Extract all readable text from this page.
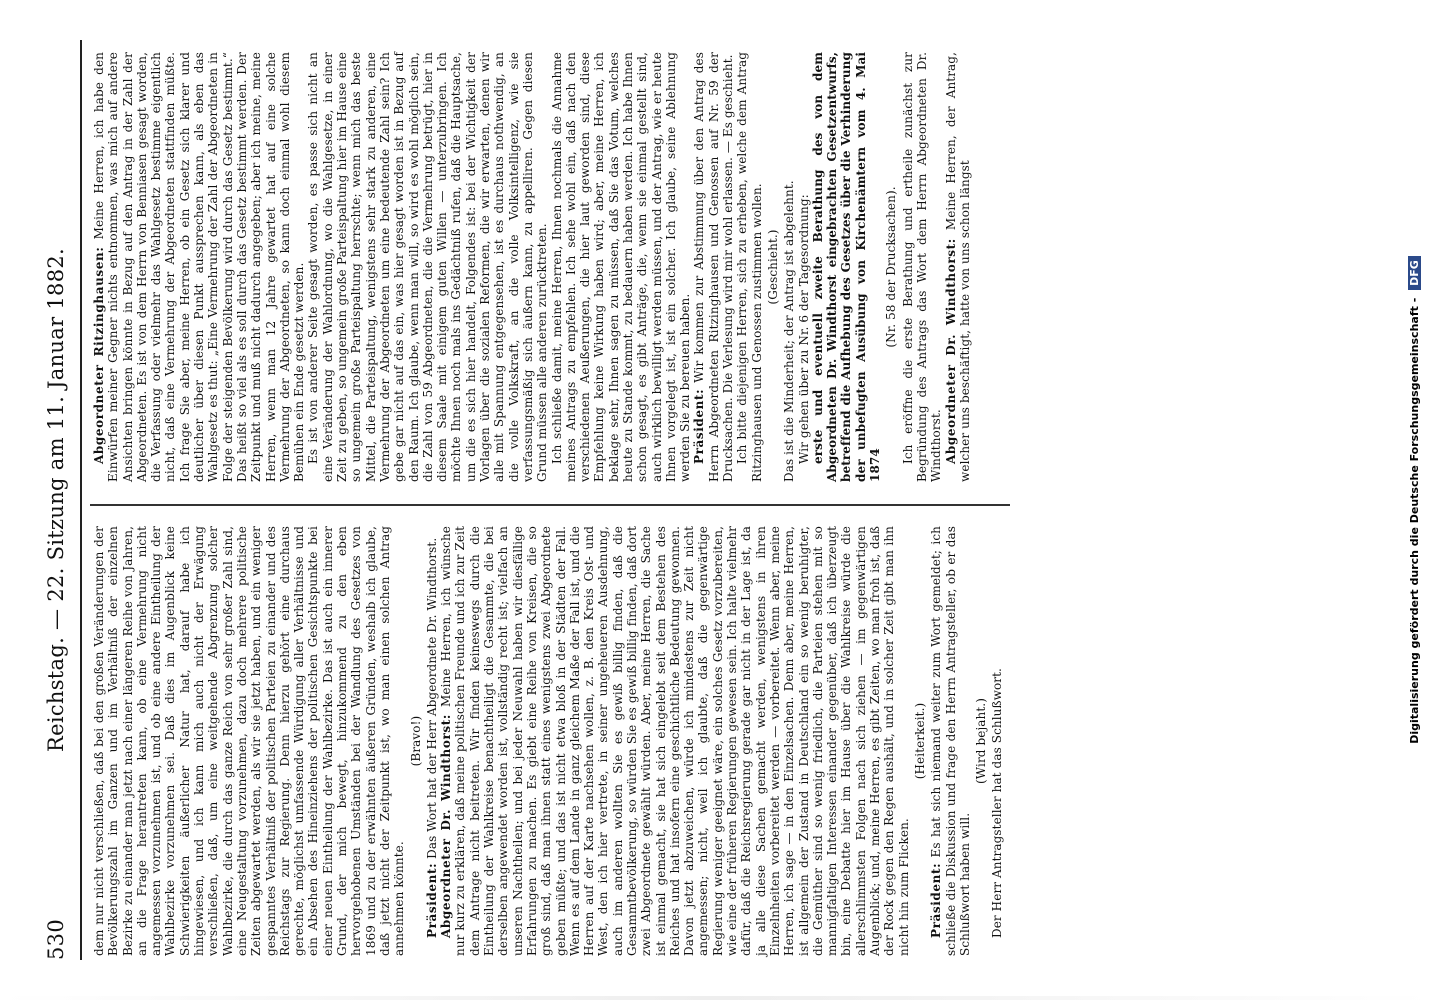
530
Reichstag. — 22. Sitzung am 11. Januar 1882. dem nur nicht verschließen, daß bei den großen Veränderungen der Bevölkerungszahl im Ganzen und im Verhältniß der einzelnen Bezirke zu einander man jetzt nach einer längeren Reihe von Jahren, an die Frage herantreten kann, ob eine Vermehrung nicht angemessen vorzunehmen ist, und ob eine andere Eintheilung der Wahlbezirke vorzunehmen sei. Daß dies im Augenblick keine Schwierigkeiten äußerlicher Natur hat, darauf habe ich hingewiesen, und ich kann mich auch nicht der Erwägung verschließen, daß, um eine weitgehende Abgrenzung solcher Wahlbezirke, die durch das ganze Reich von sehr großer Zahl sind, eine Neugestaltung vorzunehmen, dazu doch mehrere politische Zeiten abgewartet werden, als wir sie jetzt haben, und ein weniger gespanntes Verhältniß der politischen Parteien zu einander und des Reichstags zur Regierung. Denn hierzu gehört eine durchaus gerechte, möglichst umfassende Würdigung aller Verhältnisse und ein Absehen des Hineinziehens der politischen Gesichtspunkte bei einer neuen Eintheilung der Wahlbezirke. Das ist auch ein innerer Grund, der mich bewegt, hinzukommend zu den eben hervorgehobenen Umständen bei der Wandlung des Gesetzes von 1869 und zu der erwähnten äußeren Gründen, weshalb ich glaube, daß jetzt nicht der Zeitpunkt ist, wo man einen solchen Antrag annehmen könnte.

(Bravo!)

Präsident: Das Wort hat der Herr Abgeordnete Dr. Windthorst. Abgeordneter Dr. Windthorst: Meine Herren, ich wünsche nur kurz zu erklären, daß meine politischen Freunde und ich zur Zeit dem Antrage nicht beitreten. Wir finden keineswegs durch die Eintheilung der Wahlkreise benachtheiligt die Gesammte, die bei derselben angewendet worden ist, vollständig recht ist; vielfach an unseren Nachtheilen; und bei jeder Neuwahl haben wir diesfällige Erfahrungen zu machen. Es giebt eine Reihe von Kreisen, die so groß sind, daß man ihnen statt eines wenigstens zwei Abgeordnete geben müßte; und das ist nicht etwa bloß in der Städten der Fall. Wenn es auf dem Lande in ganz gleichem Maße der Fall ist, und die Herren auf der Karte nachsehen wollen, z. B. den Kreis Ost- und West, den ich hier vertrete, in seiner ungeheueren Ausdehnung, auch im anderen wollten Sie es gewiß billig finden, daß die Gesammtbevölkerung, so würden Sie es gewiß billig finden, daß dort zwei Abgeordnete gewählt würden. Aber, meine Herren, die Sache ist einmal gemacht, sie hat sich eingelebt seit dem Bestehen des Reiches und hat insofern eine geschichtliche Bedeutung gewonnen. Davon jetzt abzuweichen, würde ich mindestens zur Zeit nicht angemessen; nicht, weil ich glaubte, daß die gegenwärtige Regierung weniger geeignet wäre, ein solches Gesetz vorzubereiten, wie eine der früheren Regierungen gewesen sein. Ich halte vielmehr dafür, daß die Reichsregierung gerade gar nicht in der Lage ist, da ja alle diese Sachen gemacht werden, wenigstens in ihren Einzelnheiten vorbereitet werden — vorbereitet. Wenn aber, meine Herren, ich sage — in den Einzelsachen. Denn aber, meine Herren, ist allgemein der Zustand in Deutschland ein so wenig beruhigter, die Gemüther sind so wenig friedlich, die Parteien stehen mit so mannigfaltigen Interessen einander gegenüber, daß ich überzeugt bin, eine Debatte hier im Hause über die Wahlkreise würde die allerschlimmsten Folgen nach sich ziehen — im gegenwärtigen Augenblick; und, meine Herren, es gibt Zeiten, wo man froh ist, daß der Rock gegen den Regen aushält, und in solcher Zeit gibt man ihn nicht hin zum Flicken.

(Heiterkeit.)

Präsident: Es hat sich niemand weiter zum Wort gemeldet; ich schließe die Diskussion und frage den Herrn Antragsteller, ob er das Schlußwort haben will.

(Wird bejaht.) Der Herr Antragsteller hat das Schlußwort.

Abgeordneter Ritzinghausen: Meine Herren, ich habe den Einwürfen meiner Gegner nichts entnommen, was mich auf andere Ansichten bringen könnte in Bezug auf den Antrag in der Zahl der Abgeordneten. Es ist von dem Herrn von Benniasen gesagt worden, die Verfassung oder vielmehr das Wahlgesetz bestimme eigentlich nicht, daß eine Vermehrung der Abgeordneten stattfinden müßte. Ich frage Sie aber, meine Herren, ob ein Gesetz sich klarer und deutlicher über diesen Punkt aussprechen kann, als eben das Wahlgesetz es thut: „Eine Vermehrung der Zahl der Abgeordneten in Folge der steigenden Bevölkerung wird durch das Gesetz bestimmt.“ Das heißt so viel als es soll durch das Gesetz bestimmt werden. Der Zeitpunkt und muß nicht dadurch angegeben; aber ich meine, meine Herren, wenn man 12 Jahre gewartet hat auf eine solche Vermehrung der Abgeordneten, so kann doch einmal wohl diesem Bemühen ein Ende gesetzt werden. Es ist von anderer Seite gesagt worden, es passe sich nicht an eine Veränderung der Wahlordnung, wo die Wahlgesetze, in einer Zeit zu geben, so ungemein große Parteispaltung hier im Hause eine so ungemein große Parteispaltung herrschte; wenn mich das beste Mittel, die Parteispaltung, wenigstens sehr stark zu anderen, eine Vermehrung der Abgeordneten um eine bedeutende Zahl sein? Ich gebe gar nicht auf das ein, was hier gesagt worden ist in Bezug auf den Raum. Ich glaube, wenn man will, so wird es wohl möglich sein, die Zahl von 59 Abgeordneten, die die Vermehrung betrügt, hier in diesem Saale mit einigem guten Willen — unterzubringen. Ich möchte Ihnen noch mals ins Gedächtniß rufen, daß die Hauptsache, um die es sich hier handelt, Folgendes ist: bei der Wichtigkeit der Vorlagen über die sozialen Reformen, die wir erwarten, denen wir alle mit Spannung entgegensehen, ist es durchaus nothwendig, an die volle Volkskraft, an die volle Volksintelligenz, wie sie verfassungsmäßig sich äußern kann, zu appelliren. Gegen diesen Grund müssen alle anderen zurücktreten. Ich schließe damit, meine Herren, Ihnen nochmals die Annahme meines Antrags zu empfehlen. Ich sehe wohl ein, daß nach den verschiedenen Aeußerungen, die hier laut geworden sind, diese Empfehlung keine Wirkung haben wird; aber, meine Herren, ich beklage sehr, Ihnen sagen zu müssen, daß Sie das Votum, welches heute zu Stande kommt, zu bedauern haben werden. Ich habe Ihnen schon gesagt, es gibt Anträge, die, wenn sie einmal gestellt sind, auch wirklich bewilligt werden müssen, und der Antrag, wie er heute Ihnen vorgelegt ist, ist ein solcher. Ich glaube, seine Ablehnung werden Sie zu bereuen haben. Präsident: Wir kommen zur Abstimmung über den Antrag des Herrn Abgeordneten Ritzinghausen und Genossen auf Nr. 59 der Drucksachen. Die Verlesung wird mir wohl erlassen. — Es geschieht. Ich bitte diejenigen Herren, sich zu erheben, welche dem Antrag Ritzinghausen und Genossen zustimmen wollen. (Geschieht.) Das ist die Minderheit; der Antrag ist abgelehnt. Wir gehen über zu Nr. 6 der Tagesordnung: erste und eventuell zweite Berathung des von dem Abgeordneten Dr. Windthorst eingebrachten Gesetzentwurfs, betreffend die Aufhebung des Gesetzes über die Verhinderung der unbefugten Ausübung von Kirchenämtern vom 4. Mai 1874

(Nr. 58 der Drucksachen). Ich eröffne die erste Berathung und ertheile zunächst zur Begründung des Antrags das Wort dem Herrn Abgeordneten Dr. Windthorst. Abgeordneter Dr. Windthorst: Meine Herren, der Antrag, welcher uns beschäftigt, hatte von uns schon längst	Digitalisierung gefördert durch die Deutsche Forschungsgemeinschaft - DFG
